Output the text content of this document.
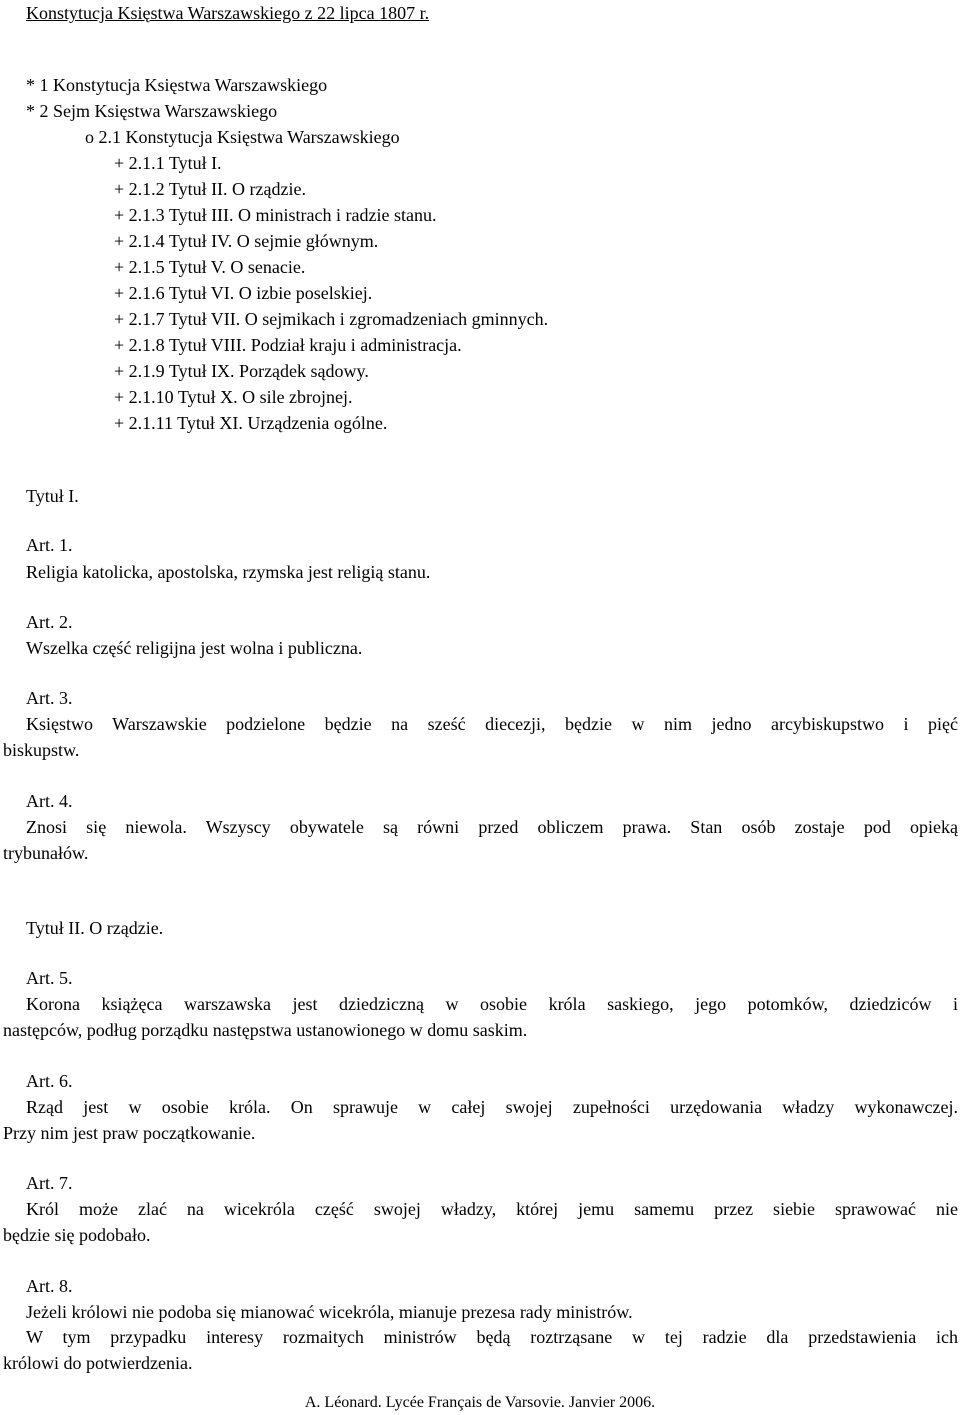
Konstytucja Księstwa Warszawskiego z 22 lipca 1807 r.
* 1 Konstytucja Księstwa Warszawskiego
* 2 Sejm Księstwa Warszawskiego
o 2.1 Konstytucja Księstwa Warszawskiego
+ 2.1.1 Tytuł I.
+ 2.1.2 Tytuł II. O rządzie.
+ 2.1.3 Tytuł III. O ministrach i radzie stanu.
+ 2.1.4 Tytuł IV. O sejmie głównym.
+ 2.1.5 Tytuł V. O senacie.
+ 2.1.6 Tytuł VI. O izbie poselskiej.
+ 2.1.7 Tytuł VII. O sejmikach i zgromadzeniach gminnych.
+ 2.1.8 Tytuł VIII. Podział kraju i administracja.
+ 2.1.9 Tytuł IX. Porządek sądowy.
+ 2.1.10 Tytuł X. O sile zbrojnej.
+ 2.1.11 Tytuł XI. Urządzenia ogólne.
Tytuł I.
Art. 1.
Religia katolicka, apostolska, rzymska jest religią stanu.
Art. 2.
Wszelka część religijna jest wolna i publiczna.
Art. 3.
Księstwo Warszawskie podzielone będzie na sześć diecezji, będzie w nim jedno arcybiskupstwo i pięć
biskupstw.
Art. 4.
Znosi się niewola. Wszyscy obywatele są równi przed obliczem prawa. Stan osób zostaje pod opieką
trybunałów.
Tytuł II. O rządzie.
Art. 5.
Korona książęca warszawska jest dziedziczną w osobie króla saskiego, jego potomków, dziedziców i
następców, podług porządku następstwa ustanowionego w domu saskim.
Art. 6.
Rząd jest w osobie króla. On sprawuje w całej swojej zupełności urzędowania władzy wykonawczej.
Przy nim jest praw początkowanie.
Art. 7.
Król może zlać na wicekróla część swojej władzy, której jemu samemu przez siebie sprawować nie
będzie się podobało.
Art. 8.
Jeżeli królowi nie podoba się mianować wicekróla, mianuje prezesa rady ministrów.
W tym przypadku interesy rozmaitych ministrów będą roztrząsane w tej radzie dla przedstawienia ich
królowi do potwierdzenia.
A. Léonard. Lycée Français de Varsovie. Janvier 2006.
